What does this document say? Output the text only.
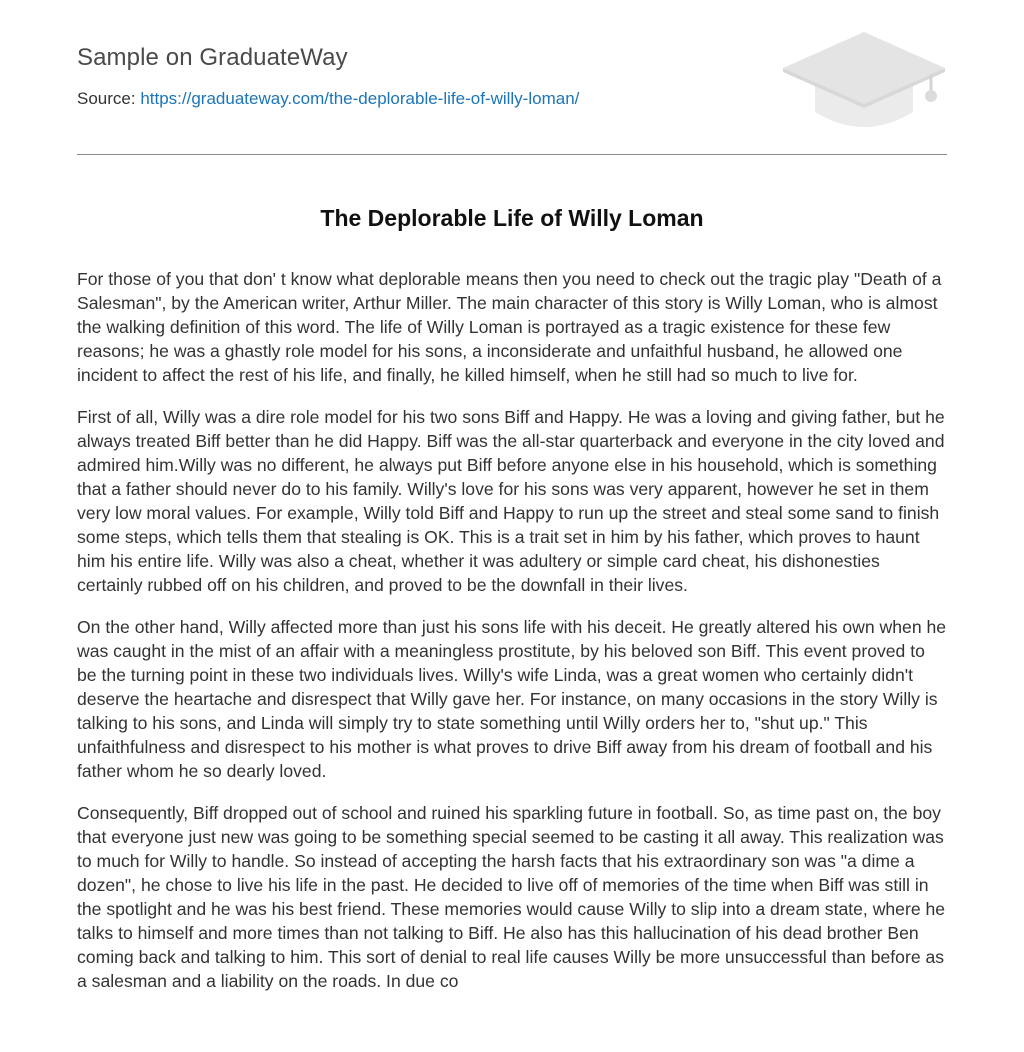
Sample on GraduateWay
Source: https://graduateway.com/the-deplorable-life-of-willy-loman/
The Deplorable Life of Willy Loman

For those of you that don' t know what deplorable means then you need to check out the tragic play "Death of a Salesman", by the American writer, Arthur Miller. The main character of this story is Willy Loman, who is almost the walking definition of this word. The life of Willy Loman is portrayed as a tragic existence for these few reasons; he was a ghastly role model for his sons, a inconsiderate and unfaithful husband, he allowed one incident to affect the rest of his life, and finally, he killed himself, when he still had so much to live for.

First of all, Willy was a dire role model for his two sons Biff and Happy. He was a loving and giving father, but he always treated Biff better than he did Happy. Biff was the all-star quarterback and everyone in the city loved and admired him.Willy was no different, he always put Biff before anyone else in his household, which is something that a father should never do to his family. Willy's love for his sons was very apparent, however he set in them very low moral values. For example, Willy told Biff and Happy to run up the street and steal some sand to finish some steps, which tells them that stealing is OK. This is a trait set in him by his father, which proves to haunt him his entire life. Willy was also a cheat, whether it was adultery or simple card cheat, his dishonesties certainly rubbed off on his children, and proved to be the downfall in their lives.

On the other hand, Willy affected more than just his sons life with his deceit. He greatly altered his own when he was caught in the mist of an affair with a meaningless prostitute, by his beloved son Biff. This event proved to be the turning point in these two individuals lives. Willy's wife Linda, was a great women who certainly didn't deserve the heartache and disrespect that Willy gave her. For instance, on many occasions in the story Willy is talking to his sons, and Linda will simply try to state something until Willy orders her to, "shut up." This unfaithfulness and disrespect to his mother is what proves to drive Biff away from his dream of football and his father whom he so dearly loved.

Consequently, Biff dropped out of school and ruined his sparkling future in football. So, as time past on, the boy that everyone just new was going to be something special seemed to be casting it all away. This realization was to much for Willy to handle. So instead of accepting the harsh facts that his extraordinary son was "a dime a dozen", he chose to live his life in the past. He decided to live off of memories of the time when Biff was still in the spotlight and he was his best friend. These memories would cause Willy to slip into a dream state, where he talks to himself and more times than not talking to Biff. He also has this hallucination of his dead brother Ben coming back and talking to him. This sort of denial to real life causes Willy be more unsuccessful than before as a salesman and a liability on the roads. In due co
